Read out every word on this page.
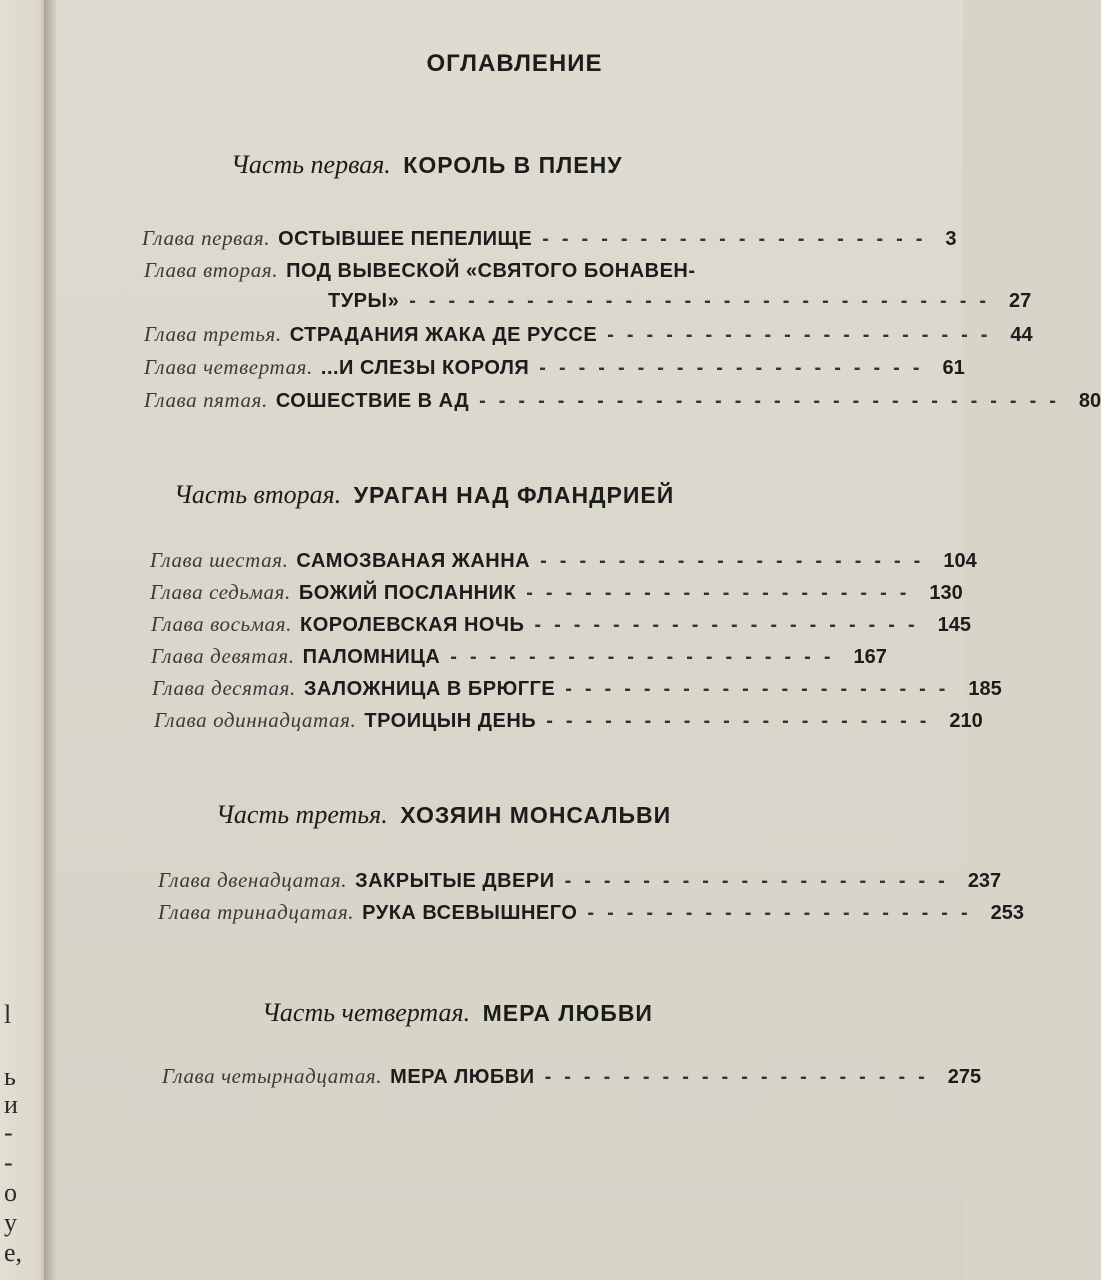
l
ь
и
-
-
о
у
е,
ОГЛАВЛЕНИЕ
Часть первая. КОРОЛЬ В ПЛЕНУ
Глава первая. ОСТЫВШЕЕ ПЕПЕЛИЩЕ -------------------- 3
Глава вторая. ПОД ВЫВЕСКОЙ «СВЯТОГО БОНАВЕН-
ТУРЫ» ------------------------------ 27
Глава третья. СТРАДАНИЯ ЖАКА ДЕ РУССЕ -------------------- 44
Глава четвертая. ...И СЛЕЗЫ КОРОЛЯ -------------------- 61
Глава пятая. СОШЕСТВИЕ В АД ------------------------------ 80
Часть вторая. УРАГАН НАД ФЛАНДРИЕЙ
Глава шестая. САМОЗВАНАЯ ЖАННА -------------------- 104
Глава седьмая. БОЖИЙ ПОСЛАННИК -------------------- 130
Глава восьмая. КОРОЛЕВСКАЯ НОЧЬ -------------------- 145
Глава девятая. ПАЛОМНИЦА -------------------- 167
Глава десятая. ЗАЛОЖНИЦА В БРЮГГЕ -------------------- 185
Глава одиннадцатая. ТРОИЦЫН ДЕНЬ -------------------- 210
Часть третья. ХОЗЯИН МОНСАЛЬВИ
Глава двенадцатая. ЗАКРЫТЫЕ ДВЕРИ -------------------- 237
Глава тринадцатая. РУКА ВСЕВЫШНЕГО -------------------- 253
Часть четвертая. МЕРА ЛЮБВИ
Глава четырнадцатая. МЕРА ЛЮБВИ -------------------- 275
